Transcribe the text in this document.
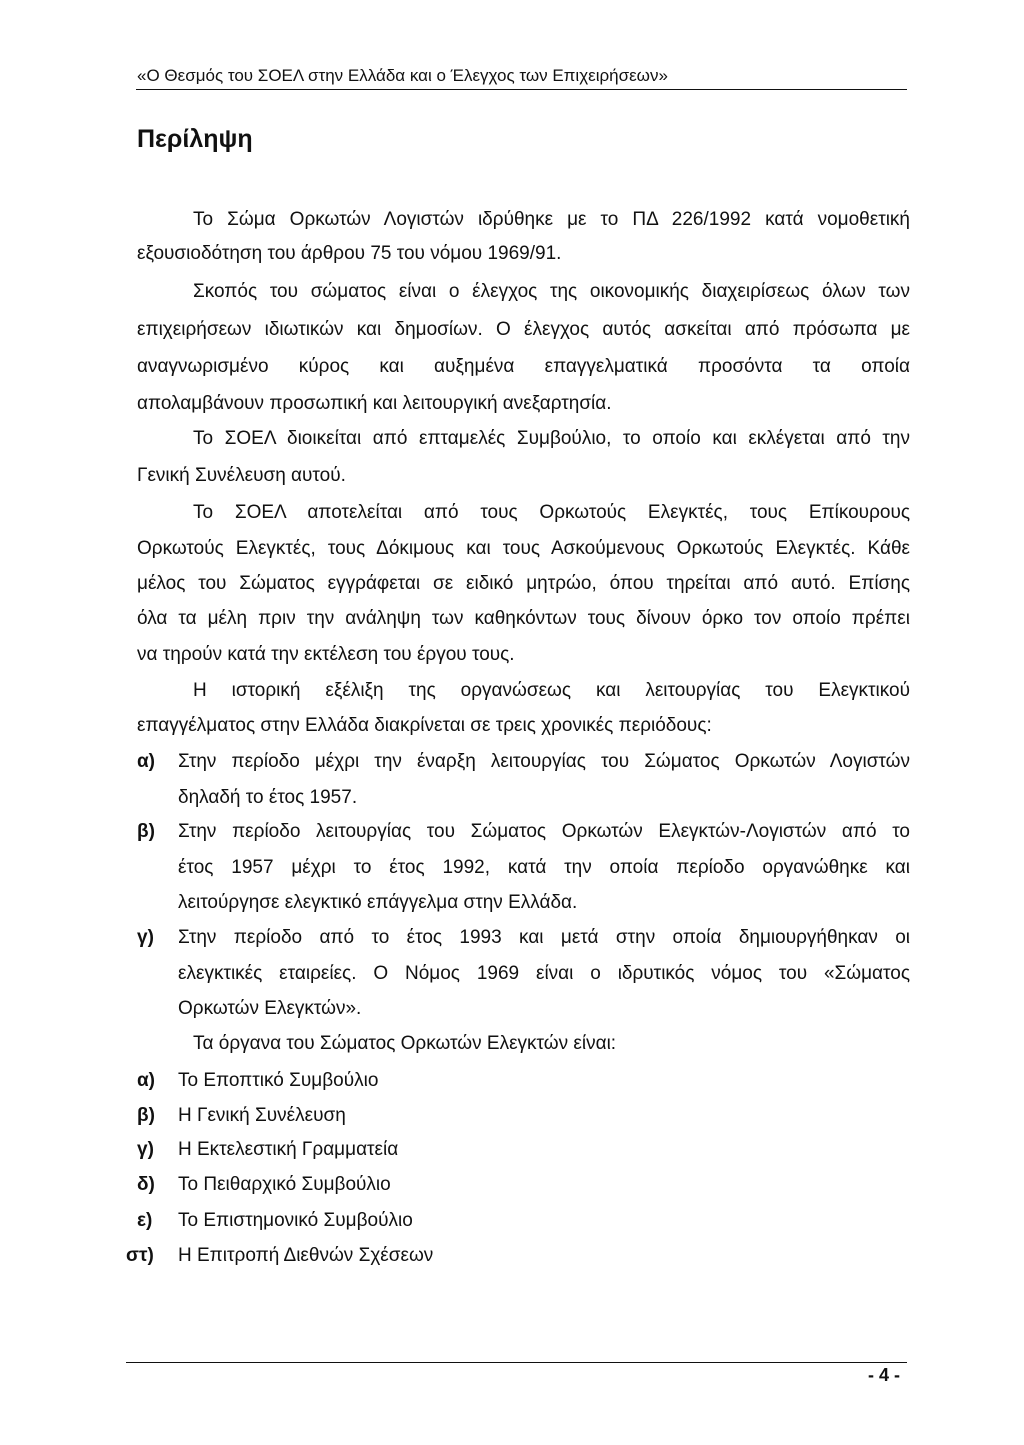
«Ο Θεσμός του ΣΟΕΛ στην Ελλάδα και ο Έλεγχος των Επιχειρήσεων»
Περίληψη
Το Σώμα Ορκωτών Λογιστών ιδρύθηκε με το ΠΔ 226/1992 κατά νομοθετική
εξουσιοδότηση του άρθρου 75 του νόμου 1969/91.
Σκοπός του σώματος είναι ο έλεγχος της οικονομικής διαχειρίσεως όλων των
επιχειρήσεων ιδιωτικών και δημοσίων. Ο έλεγχος αυτός ασκείται από πρόσωπα με
αναγνωρισμένο κύρος και αυξημένα επαγγελματικά προσόντα τα οποία
απολαμβάνουν προσωπική και λειτουργική ανεξαρτησία.
Το ΣΟΕΛ διοικείται από επταμελές Συμβούλιο, το οποίο και εκλέγεται από την
Γενική Συνέλευση αυτού.
Το ΣΟΕΛ αποτελείται από τους Ορκωτούς Ελεγκτές, τους Επίκουρους
Ορκωτούς Ελεγκτές, τους Δόκιμους και τους Ασκούμενους Ορκωτούς Ελεγκτές. Κάθε
μέλος του Σώματος εγγράφεται σε ειδικό μητρώο, όπου τηρείται από αυτό. Επίσης
όλα τα μέλη πριν την ανάληψη των καθηκόντων τους δίνουν όρκο τον οποίο πρέπει
να τηρούν κατά την εκτέλεση του έργου τους.
Η ιστορική εξέλιξη της οργανώσεως και λειτουργίας του Ελεγκτικού
επαγγέλματος στην Ελλάδα διακρίνεται σε τρεις χρονικές περιόδους:
α) Στην περίοδο μέχρι την έναρξη λειτουργίας του Σώματος Ορκωτών Λογιστών
δηλαδή το έτος 1957.
β) Στην περίοδο λειτουργίας του Σώματος Ορκωτών Ελεγκτών-Λογιστών από το
έτος 1957 μέχρι το έτος 1992, κατά την οποία περίοδο οργανώθηκε και
λειτούργησε ελεγκτικό επάγγελμα στην Ελλάδα.
γ) Στην περίοδο από το έτος 1993 και μετά στην οποία δημιουργήθηκαν οι
ελεγκτικές εταιρείες. Ο Νόμος 1969 είναι ο ιδρυτικός νόμος του «Σώματος
Ορκωτών Ελεγκτών».
Τα όργανα του Σώματος Ορκωτών Ελεγκτών είναι:
α) Το Εποπτικό Συμβούλιο
β) Η Γενική Συνέλευση
γ) Η Εκτελεστική Γραμματεία
δ) Το Πειθαρχικό Συμβούλιο
ε) Το Επιστημονικό Συμβούλιο
στ) Η Επιτροπή Διεθνών Σχέσεων
- 4 -
